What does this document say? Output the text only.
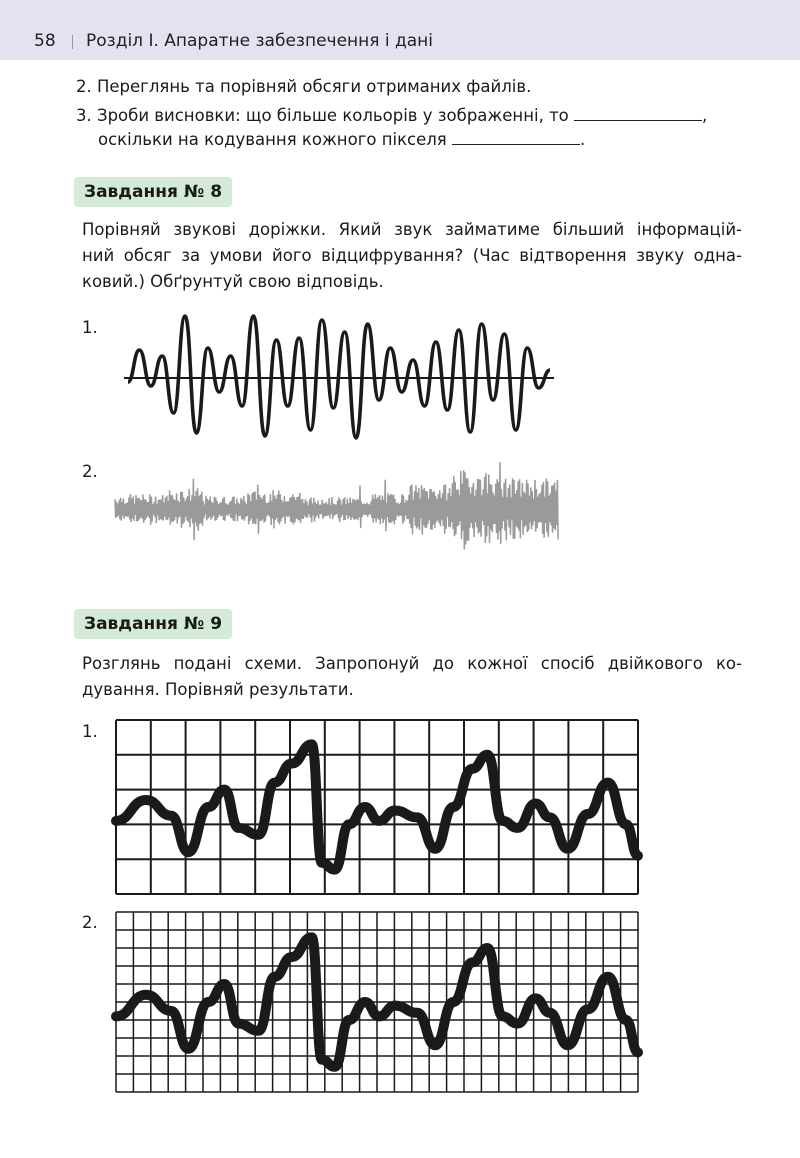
58 Розділ І. Апаратне забезпечення і дані
2. Переглянь та порівняй обсяги отриманих файлів.
3. Зроби висновки: що більше кольорів у зображенні, то	,
оскільки на кодування кожного пікселя	.
Завдання № 8
Порівняй звукові доріжки. Який звук займатиме більший інформацій-
ний обсяг за умови його відцифрування? (Час відтворення звуку однa-
ковий.) Обґрунтуй свою відповідь.
1.
2.
Завдання № 9
Розглянь подані схеми. Запропонуй до кожної спосіб двійкового ко-
дування. Порівняй результати.
1.
2.
